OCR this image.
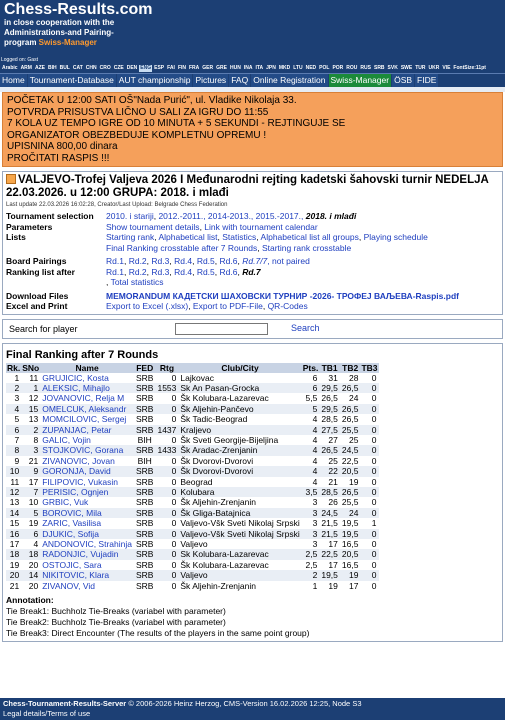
Chess-Results.com
in close cooperation with the
Administrations-and Pairing-
program Swiss-Manager
Logged on: Gast
Arabic ARM AZE BIH BUL CAT CHN CRO CZE DEN ENG ESP FAI FIN FRA GER GRE HUN INA ITA JPN MKD LTU NED POL POR ROU RUS SRB SVK SWE TUR UKR VIE FontSize:11pt
Home Tournament-Database AUT championship Pictures FAQ Online Registration Swiss-Manager ÖSB FIDE

POČETAK U 12:00 SATI OŠ"Nada Purić", ul. Vladike Nikolaja 33.

POTVRDA PRISUSTVA LIČNO U SALI ZA IGRU DO 11:55

7 KOLA UZ TEMPO IGRE OD 10 MINUTA + 5 SEKUNDI - REJTINGUJE SE

ORGANIZATOR OBEZBEDUJE KOMPLETNU OPREMU !

UPISNINA 800,00 dinara

PROČITATI RASPIS !!!

VALJEVO-Trofej Valjeva 2026 I Međunarodni rejting kadetski šahovski turnir NEDELJA 22.03.2026. u 12:00 GRUPA: 2018. i mlađi
Last update 22.03.2026 16:02:28, Creator/Last Upload: Belgrade Chess Federation
Tournament selection	2010. i stariji, 2012.-2011., 2014-2013., 2015.-2017., 2018. i mlađi
Parameters	Show tournament details, Link with tournament calendar
Lists	Starting rank, Alphabetical list, Statistics, Alphabetical list all groups, Playing schedule
Final Ranking crosstable after 7 Rounds, Starting rank crosstable

Board Pairings	Rd.1, Rd.2, Rd.3, Rd.4, Rd.5, Rd.6, Rd.7/7, not paired
Ranking list after	Rd.1, Rd.2, Rd.3, Rd.4, Rd.5, Rd.6, Rd.7
, Total statistics

Download Files	MEMORANDUM КАДЕТСКИ ШАХОВСКИ ТУРНИР -2026- ТРОФЕЈ ВАЉЕВА-Raspis.pdf
Excel and Print	Export to Excel (.xlsx), Export to PDF-File, QR-Codes
Search for player	Search
Final Ranking after 7 Rounds
Rk.	SNo	Name	FED	Rtg	Club/City	Pts.	TB1	TB2	TB3
1	11	GRUJICIC, Kosta	SRB	0	Lajkovac	6	31	28	0
2	1	ALEKSIC, Mihajlo	SRB	1553	Sk An Pasan-Grocka	6	29,5	26,5	0
3	12	JOVANOVIC, Relja M	SRB	0	Šk Kolubara-Lazarevac	5,5	26,5	24	0
4	15	OMELCUK, Aleksandr	SRB	0	Šk Aljehin-Pančevo	5	29,5	26,5	0
5	13	MOMCILOVIC, Sergej	SRB	0	Šk Tadic-Beograd	4	28,5	26,5	0
6	2	ZUPANJAC, Petar	SRB	1437	Kraljevo	4	27,5	25,5	0
7	8	GALIC, Vojin	BIH	0	Šk Sveti Georgije-Bijeljina	4	27	25	0
8	3	STOJKOVIC, Gorana	SRB	1433	Šk Aradac-Zrenjanin	4	26,5	24,5	0
9	21	ZIVANOVIC, Jovan	BIH	0	Šk Dvorovi-Dvorovi	4	25	22,5	0
10	9	GORONJA, David	SRB	0	Šk Dvorovi-Dvorovi	4	22	20,5	0
11	17	FILIPOVIC, Vukasin	SRB	0	Beograd	4	21	19	0
12	7	PERISIC, Ognjen	SRB	0	Kolubara	3,5	28,5	26,5	0
13	10	GRBIC, Vuk	SRB	0	Šk Aljehin-Zrenjanin	3	26	25,5	0
14	5	BOROVIC, Mila	SRB	0	Šk Gliga-Batajnica	3	24,5	24	0
15	19	ZARIC, Vasilisa	SRB	0	Valjevo-Všk Sveti Nikolaj Srpski	3	21,5	19,5	1
16	6	DJUKIC, Sofija	SRB	0	Valjevo-Všk Sveti Nikolaj Srpski	3	21,5	19,5	0
17	4	ANDONOVIC, Strahinja	SRB	0	Valjevo	3	17	16,5	0
18	18	RADONJIC, Vujadin	SRB	0	Sk Kolubara-Lazarevac	2,5	22,5	20,5	0
19	20	OSTOJIC, Sara	SRB	0	Šk Kolubara-Lazarevac	2,5	17	16,5	0
20	14	NIKITOVIC, Klara	SRB	0	Valjevo	2	19,5	19	0
21	20	ZIVANOV, Vid	SRB	0	Šk Aljehin-Zrenjanin	1	19	17	0
Annotation:
Tie Break1: Buchholz Tie-Breaks (variabel with parameter)
Tie Break2: Buchholz Tie-Breaks (variabel with parameter)
Tie Break3: Direct Encounter (The results of the players in the same point group)
Chess-Tournament-Results-Server © 2006-2026 Heinz Herzog, CMS-Version 16.02.2026 12:25, Node S3
Legal details/Terms of use
